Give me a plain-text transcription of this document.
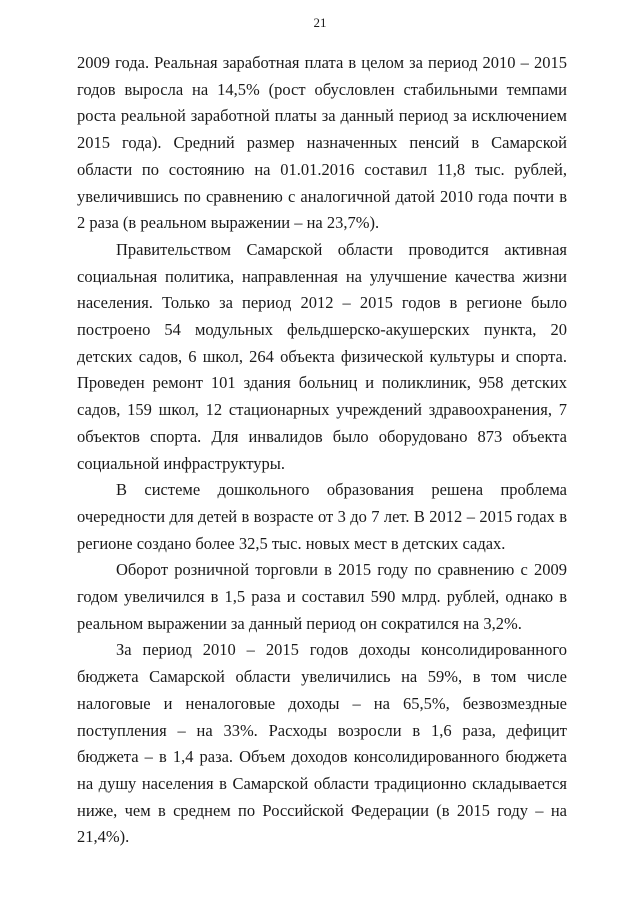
21

2009 года. Реальная заработная плата в целом за период 2010 – 2015 годов выросла на 14,5% (рост обусловлен стабильными темпами роста реальной заработной платы за данный период за исключением 2015 года). Средний размер назначенных пенсий в Самарской области по состоянию на 01.01.2016 составил 11,8 тыс. рублей, увеличившись по сравнению с аналогичной датой 2010 года почти в 2 раза (в реальном выражении – на 23,7%).

Правительством Самарской области проводится активная социальная политика, направленная на улучшение качества жизни населения. Только за период 2012 – 2015 годов в регионе было построено 54 модульных фельдшерско-акушерских пункта, 20 детских садов, 6 школ, 264 объекта физической культуры и спорта. Проведен ремонт 101 здания больниц и поликлиник, 958 детских садов, 159 школ, 12 стационарных учреждений здравоохранения, 7 объектов спорта. Для инвалидов было оборудовано 873 объекта социальной инфраструктуры.

В системе дошкольного образования решена проблема очередности для детей в возрасте от 3 до 7 лет. В 2012 – 2015 годах в регионе создано более 32,5 тыс. новых мест в детских садах.

Оборот розничной торговли в 2015 году по сравнению с 2009 годом увеличился в 1,5 раза и составил 590 млрд. рублей, однако в реальном выражении за данный период он сократился на 3,2%.

За период 2010 – 2015 годов доходы консолидированного бюджета Самарской области увеличились на 59%, в том числе налоговые и неналоговые доходы – на 65,5%, безвозмездные поступления – на 33%. Расходы возросли в 1,6 раза, дефицит бюджета – в 1,4 раза. Объем доходов консолидированного бюджета на душу населения в Самарской области традиционно складывается ниже, чем в среднем по Российской Федерации (в 2015 году – на 21,4%).
